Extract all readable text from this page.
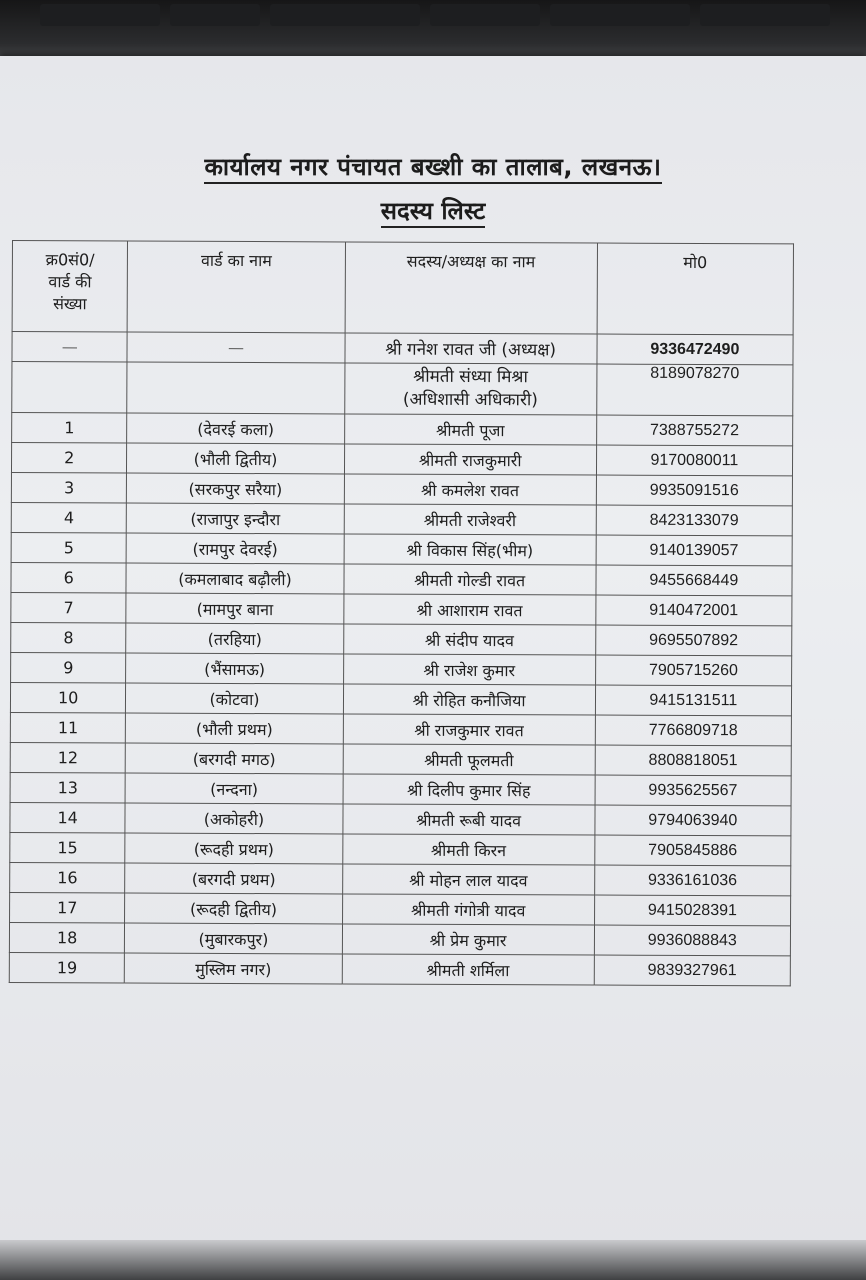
कार्यालय नगर पंचायत बख्शी का तालाब, लखनऊ।
सदस्य लिस्ट
क्र0सं0/
वार्ड की
संख्या	वार्ड का नाम	सदस्य/अध्यक्ष का नाम	मो0
—	—	श्री गनेश रावत जी (अध्यक्ष)	9336472490

		श्रीमती संध्या मिश्रा
(अधिशासी अधिकारी)	8189078270
1	(देवरई कला)	श्रीमती पूजा	7388755272
2	(भौली द्वितीय)	श्रीमती राजकुमारी	9170080011
3	(सरकपुर सरैया)	श्री कमलेश रावत	9935091516
4	(राजापुर इन्दौरा	श्रीमती राजेश्वरी	8423133079
5	(रामपुर देवरई)	श्री विकास सिंह(भीम)	9140139057
6	(कमलाबाद बढ़ौली)	श्रीमती गोल्डी रावत	9455668449
7	(मामपुर बाना	श्री आशाराम रावत	9140472001
8	(तरहिया)	श्री संदीप यादव	9695507892
9	(भैंसामऊ)	श्री राजेश कुमार	7905715260
10	(कोटवा)	श्री रोहित कनौजिया	9415131511
11	(भौली प्रथम)	श्री राजकुमार रावत	7766809718
12	(बरगदी मगठ)	श्रीमती फूलमती	8808818051
13	(नन्दना)	श्री दिलीप कुमार सिंह	9935625567
14	(अकोहरी)	श्रीमती रूबी यादव	9794063940
15	(रूदही प्रथम)	श्रीमती किरन	7905845886
16	(बरगदी प्रथम)	श्री मोहन लाल यादव	9336161036
17	(रूदही द्वितीय)	श्रीमती गंगोत्री यादव	9415028391
18	(मुबारकपुर)	श्री प्रेम कुमार	9936088843
19	मुस्लिम नगर)	श्रीमती शर्मिला	9839327961
